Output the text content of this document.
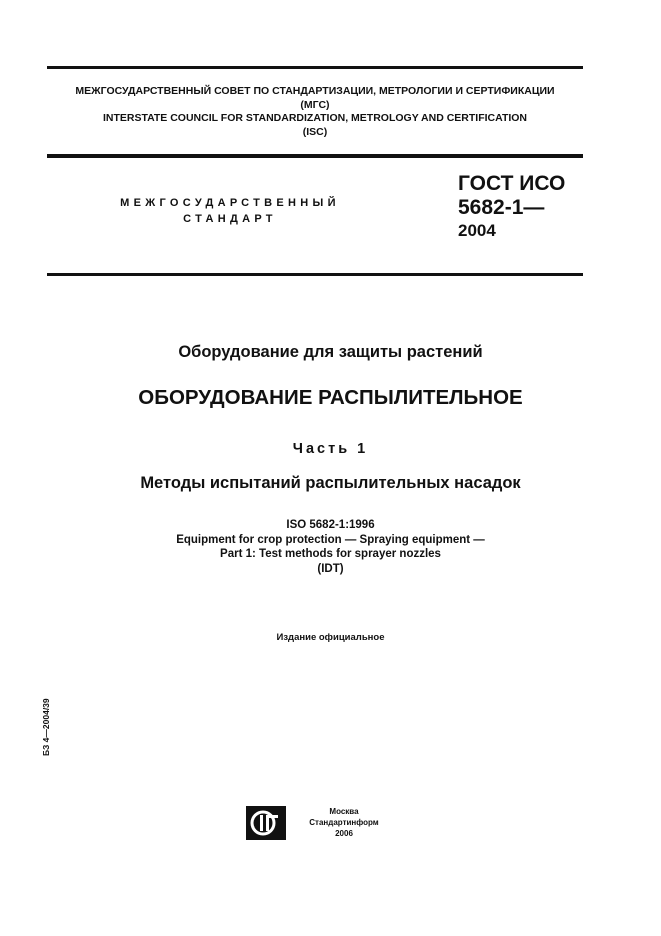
МЕЖГОСУДАРСТВЕННЫЙ СОВЕТ ПО СТАНДАРТИЗАЦИИ, МЕТРОЛОГИИ И СЕРТИФИКАЦИИ
(МГС)
INTERSTATE COUNCIL FOR STANDARDIZATION, METROLOGY AND CERTIFICATION
(ISC)
МЕЖГОСУДАРСТВЕННЫЙ
СТАНДАРТ
ГОСТ ИСО
5682-1—
2004
Оборудование для защиты растений
ОБОРУДОВАНИЕ РАСПЫЛИТЕЛЬНОЕ
Часть 1
Методы испытаний распылительных насадок
ISO 5682-1:1996
Equipment for crop protection — Spraying equipment —
Part 1: Test methods for sprayer nozzles
(IDT)
Издание официальное
БЗ 4—2004/39
Москва
Стандартинформ
2006
